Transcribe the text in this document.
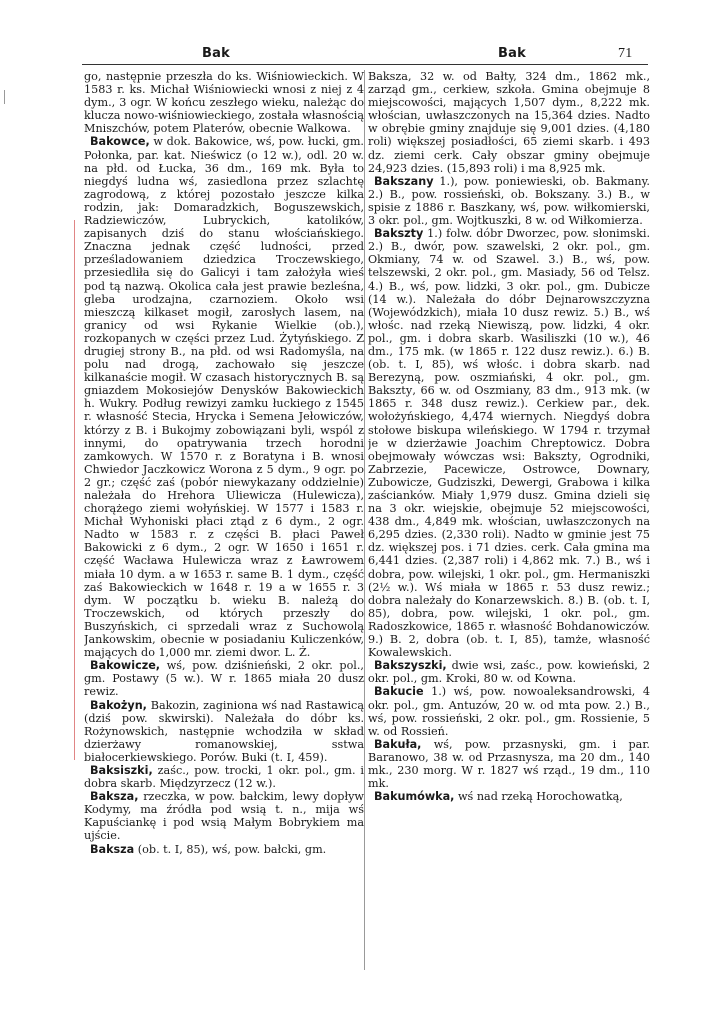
Bak	Bak	71

go, następnie przeszła do ks. Wiśniowieckich. W 1583 r. ks. Michał Wiśniowiecki wnosi z niej z 4 dym., 3 ogr. W końcu zeszłego wieku, należąc do klucza nowo-wiśniowieckiego, została własnością Mniszchów, potem Platerów, obecnie Walkowa.

Bakowce, w dok. Bakowice, wś, pow. łucki, gm. Połonka, par. kat. Nieświcz (o 12 w.), odl. 20 w. na płd. od Łucka, 36 dm., 169 mk. Była to niegdyś ludna wś, zasiedlona przez szlachtę zagrodową, z której pozostało jeszcze kilka rodzin, jak: Domaradzkich, Boguszewskich, Radziewiczów, Lubryckich, katolików, zapisanych dziś do stanu włościańskiego. Znaczna jednak część ludności, przed prześladowaniem dziedzica Troczewskiego, przesiedliła się do Galicyi i tam założyła wieś pod tą nazwą. Okolica cała jest prawie bezleśna, gleba urodzajna, czarnoziem. Około wsi mieszczą kilkaset mogił, zarosłych lasem, na granicy od wsi Rykanie Wielkie (ob.), rozkopanych w części przez Lud. Żytyńskiego. Z drugiej strony B., na płd. od wsi Radomyśla, na polu nad drogą, zachowało się jeszcze kilkanaście mogił. W czasach historycznych B. są gniazdem Mokosiejów Denysków Bakowieckich h. Wukry. Podług rewizyi zamku łuckiego z 1545 r. własność Stecia, Hrycka i Semena Jełowiczów, którzy z B. i Bukojmy zobowiązani byli, wspól z innymi, do opatrywania trzech horodni zamkowych. W 1570 r. z Boratyna i B. wnosi Chwiedor Jaczkowicz Worona z 5 dym., 9 ogr. po 2 gr.; część zaś (pobór niewykazany oddzielnie) należała do Hrehora Uliewicza (Hulewicza), chorążego ziemi wołyńskiej. W 1577 i 1583 r. Michał Wyhoniski płaci ztąd z 6 dym., 2 ogr. Nadto w 1583 r. z części B. płaci Paweł Bakowicki z 6 dym., 2 ogr. W 1650 i 1651 r. część Wacława Hulewicza wraz z Ławrowem miała 10 dym. a w 1653 r. same B. 1 dym., część zaś Bakowieckich w 1648 r. 19 a w 1655 r. 3 dym. W początku b. wieku B. należą do Troczewskich, od których przeszły do Buszyńskich, ci sprzedali wraz z Suchowolą Jankowskim, obecnie w posiadaniu Kuliczenków, mających do 1,000 mr. ziemi dwor. L. Ż.

Bakowicze, wś, pow. dziśnieński, 2 okr. pol., gm. Postawy (5 w.). W r. 1865 miała 20 dusz rewiz.

Bakożyn, Bakozin, zaginiona wś nad Rastawicą (dziś pow. skwirski). Należała do dóbr ks. Rożynowskich, następnie wchodziła w skład dzierżawy romanowskiej, sstwa białocerkiewskiego. Porów. Buki (t. I, 459).

Baksiszki, zaśc., pow. trocki, 1 okr. pol., gm. i dobra skarb. Międzyrzecz (12 w.).

Baksza, rzeczka, w pow. bałckim, lewy dopływ Kodymy, ma źródła pod wsią t. n., mija wś Kapuściankę i pod wsią Małym Bobrykiem ma ujście.

Baksza (ob. t. I, 85), wś, pow. bałcki, gm.

Baksza, 32 w. od Bałty, 324 dm., 1862 mk., zarząd gm., cerkiew, szkoła. Gmina obejmuje 8 miejscowości, mających 1,507 dym., 8,222 mk. włościan, uwłaszczonych na 15,364 dzies. Nadto w obrębie gminy znajduje się 9,001 dzies. (4,180 roli) większej posiadłości, 65 ziemi skarb. i 493 dz. ziemi cerk. Cały obszar gminy obejmuje 24,923 dzies. (15,893 roli) i ma 8,925 mk.

Bakszany 1.), pow. poniewieski, ob. Bakmany. 2.) B., pow. rossieński, ob. Bokszany. 3.) B., w spisie z 1886 r. Baszkany, wś, pow. wiłkomierski, 3 okr. pol., gm. Wojtkuszki, 8 w. od Wiłkomierza.

Baksztу 1.) folw. dóbr Dworzec, pow. słonimski. 2.) B., dwór, pow. szawelski, 2 okr. pol., gm. Okmiany, 74 w. od Szawel. 3.) B., wś, pow. telszewski, 2 okr. pol., gm. Masiady, 56 od Telsz. 4.) B., wś, pow. lidzki, 3 okr. pol., gm. Dubicze (14 w.). Należała do dóbr Dejnarowszczyzna (Wojewódzkich), miała 10 dusz rewiz. 5.) B., wś włośc. nad rzeką Niewiszą, pow. lidzki, 4 okr. pol., gm. i dobra skarb. Wasiliszki (10 w.), 46 dm., 175 mk. (w 1865 r. 122 dusz rewiz.). 6.) B. (ob. t. I, 85), wś włośc. i dobra skarb. nad Berezyną, pow. oszmiański, 4 okr. pol., gm. Baksztу, 66 w. od Oszmiany, 83 dm., 913 mk. (w 1865 r. 348 dusz rewiz.). Cerkiew par., dek. wołożyńskiego, 4,474 wiernych. Niegdyś dobra stołowe biskupa wileńskiego. W 1794 r. trzymał je w dzierżawie Joachim Chreptowicz. Dobra obejmowały wówczas wsi: Baksztу, Ogrodniki, Zabrzezie, Pacewicze, Ostrowce, Downary, Zubowicze, Gudziszki, Dewergi, Grabowa i kilka zaścianków. Miały 1,979 dusz. Gmina dzieli się na 3 okr. wiejskie, obejmuje 52 miejscowości, 438 dm., 4,849 mk. włościan, uwłaszczonych na 6,295 dzies. (2,330 roli). Nadto w gminie jest 75 dz. większej pos. i 71 dzies. cerk. Cała gmina ma 6,441 dzies. (2,387 roli) i 4,862 mk. 7.) B., wś i dobra, pow. wilejski, 1 okr. pol., gm. Hermaniszki (2½ w.). Wś miała w 1865 r. 53 dusz rewiz.; dobra należały do Konarzewskich. 8.) B. (ob. t. I, 85), dobra, pow. wilejski, 1 okr. pol., gm. Radoszkowice, 1865 r. własność Bohdanowiczów. 9.) B. 2, dobra (ob. t. I, 85), tamże, własność Kowalewskich.

Bakszyszki, dwie wsi, zaśc., pow. kowieński, 2 okr. pol., gm. Kroki, 80 w. od Kowna.

Bakucie 1.) wś, pow. nowoaleksandrowski, 4 okr. pol., gm. Antuzów, 20 w. od mta pow. 2.) B., wś, pow. rossieński, 2 okr. pol., gm. Rossienie, 5 w. od Rossień.

Bakuła, wś, pow. przasnyski, gm. i par. Baranowo, 38 w. od Przasnysza, ma 20 dm., 140 mk., 230 morg. W r. 1827 wś rząd., 19 dm., 110 mk.

Bakumówka, wś nad rzeką Horochowatką,
